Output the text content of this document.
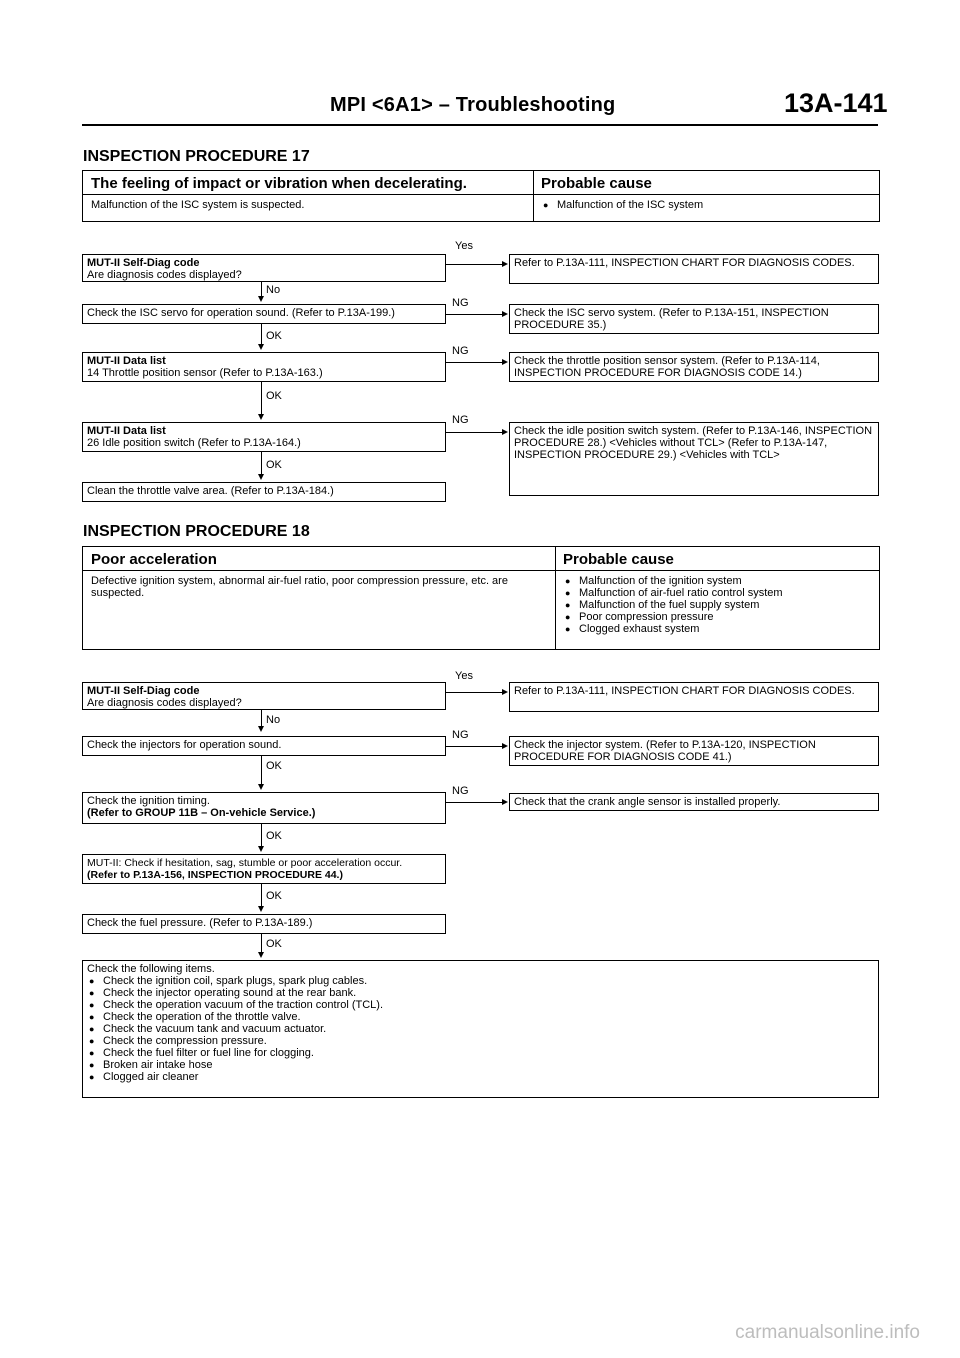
MPI <6A1> – Troubleshooting	13A-141
INSPECTION PROCEDURE 17
The feeling of impact or vibration when decelerating.
Malfunction of the ISC system is suspected.
Probable cause
● Malfunction of the ISC system
MUT-II Self-Diag code
Are diagnosis codes displayed?
Yes
Refer to P.13A-111, INSPECTION CHART FOR DIAGNOSIS CODES.
No
Check the ISC servo for operation sound. (Refer to P.13A-199.)
NG
Check the ISC servo system. (Refer to P.13A-151, INSPECTION PROCEDURE 35.)
OK
MUT-II Data list
14 Throttle position sensor (Refer to P.13A-163.)
NG
Check the throttle position sensor system. (Refer to P.13A-114, INSPECTION PROCEDURE FOR DIAGNOSIS CODE 14.)
OK
MUT-II Data list
26 Idle position switch (Refer to P.13A-164.)
NG
Check the idle position switch system. (Refer to P.13A-146, INSPECTION PROCEDURE 28.) <Vehicles without TCL> (Refer to P.13A-147, INSPECTION PROCEDURE 29.) <Vehicles with TCL>
OK
Clean the throttle valve area. (Refer to P.13A-184.)
INSPECTION PROCEDURE 18
Poor acceleration
Defective ignition system, abnormal air-fuel ratio, poor compression pressure, etc. are suspected.
Probable cause
● Malfunction of the ignition system
● Malfunction of air-fuel ratio control system
● Malfunction of the fuel supply system
● Poor compression pressure
● Clogged exhaust system
MUT-II Self-Diag code
Are diagnosis codes displayed?
Yes
Refer to P.13A-111, INSPECTION CHART FOR DIAGNOSIS CODES.
No
Check the injectors for operation sound.
NG
Check the injector system. (Refer to P.13A-120, INSPECTION PROCEDURE FOR DIAGNOSIS CODE 41.)
OK
Check the ignition timing.
(Refer to GROUP 11B – On-vehicle Service.)
NG
Check that the crank angle sensor is installed properly.
OK
MUT-II: Check if hesitation, sag, stumble or poor acceleration occur.
(Refer to P.13A-156, INSPECTION PROCEDURE 44.)
OK
Check the fuel pressure. (Refer to P.13A-189.)
OK
Check the following items.
● Check the ignition coil, spark plugs, spark plug cables.
● Check the injector operating sound at the rear bank.
● Check the operation vacuum of the traction control (TCL).
● Check the operation of the throttle valve.
● Check the vacuum tank and vacuum actuator.
● Check the compression pressure.
● Check the fuel filter or fuel line for clogging.
● Broken air intake hose
● Clogged air cleaner
carmanualsonline.info
